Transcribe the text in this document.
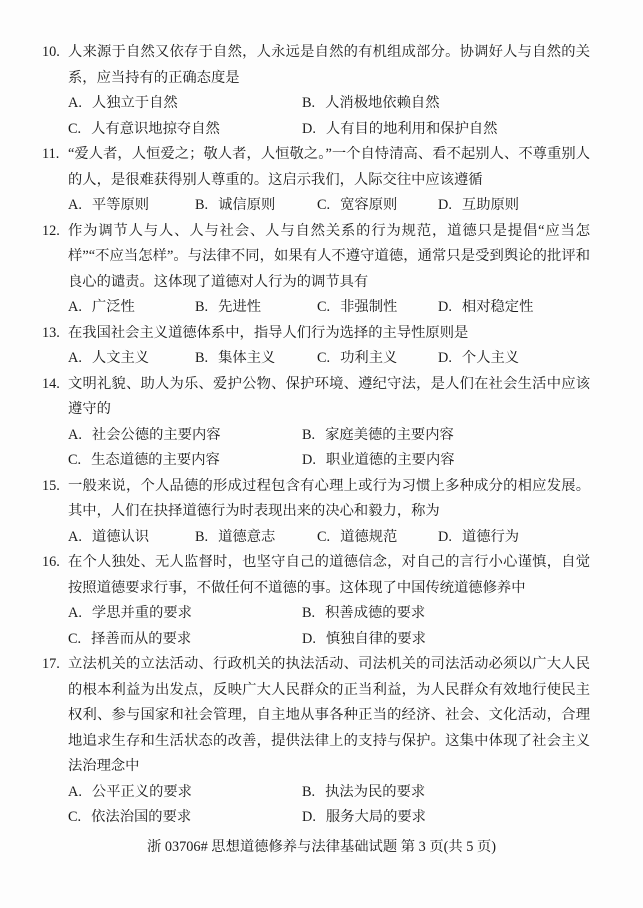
10. 人来源于自然又依存于自然，人永远是自然的有机组成部分。协调好人与自然的关系，应当持有的正确态度是
A. 人独立于自然	B. 人消极地依赖自然
C. 人有意识地掠夺自然	D. 人有目的地利用和保护自然
11. “爱人者，人恒爱之；敬人者，人恒敬之。”一个自恃清高、看不起别人、不尊重别人的人，是很难获得别人尊重的。这启示我们，人际交往中应该遵循
A. 平等原则	B. 诚信原则	C. 宽容原则	D. 互助原则
12. 作为调节人与人、人与社会、人与自然关系的行为规范，道德只是提倡“应当怎样”“不应当怎样”。与法律不同，如果有人不遵守道德，通常只是受到舆论的批评和良心的谴责。这体现了道德对人行为的调节具有
A. 广泛性	B. 先进性	C. 非强制性	D. 相对稳定性
13. 在我国社会主义道德体系中，指导人们行为选择的主导性原则是
A. 人文主义	B. 集体主义	C. 功利主义	D. 个人主义
14. 文明礼貌、助人为乐、爱护公物、保护环境、遵纪守法，是人们在社会生活中应该遵守的
A. 社会公德的主要内容	B. 家庭美德的主要内容
C. 生态道德的主要内容	D. 职业道德的主要内容
15. 一般来说，个人品德的形成过程包含有心理上或行为习惯上多种成分的相应发展。其中，人们在抉择道德行为时表现出来的决心和毅力，称为
A. 道德认识	B. 道德意志	C. 道德规范	D. 道德行为
16. 在个人独处、无人监督时，也坚守自己的道德信念，对自己的言行小心谨慎，自觉按照道德要求行事，不做任何不道德的事。这体现了中国传统道德修养中
A. 学思并重的要求	B. 积善成德的要求
C. 择善而从的要求	D. 慎独自律的要求
17. 立法机关的立法活动、行政机关的执法活动、司法机关的司法活动必须以广大人民的根本利益为出发点，反映广大人民群众的正当利益，为人民群众有效地行使民主权利、参与国家和社会管理，自主地从事各种正当的经济、社会、文化活动，合理地追求生存和生活状态的改善，提供法律上的支持与保护。这集中体现了社会主义法治理念中
A. 公平正义的要求	B. 执法为民的要求
C. 依法治国的要求	D. 服务大局的要求
浙 03706# 思想道德修养与法律基础试题 第 3 页(共 5 页)
